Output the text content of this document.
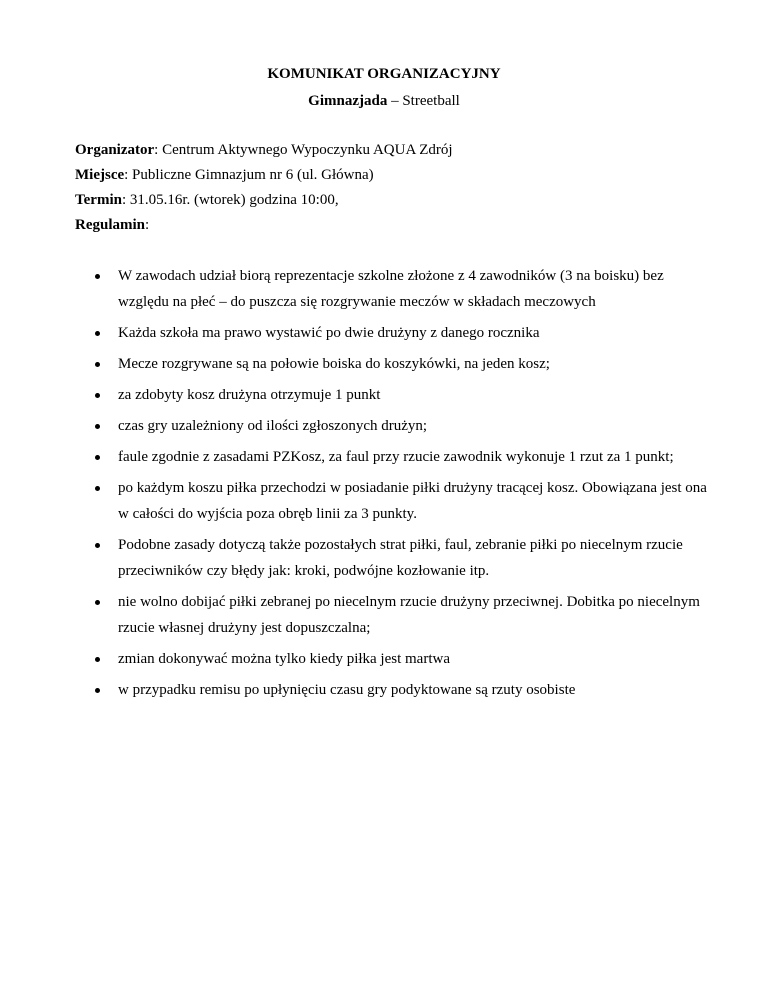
KOMUNIKAT ORGANIZACYJNY
Gimnazjada – Streetball
Organizator: Centrum Aktywnego Wypoczynku AQUA Zdrój
Miejsce: Publiczne Gimnazjum nr 6 (ul. Główna)
Termin: 31.05.16r. (wtorek) godzina 10:00,
Regulamin:
W zawodach udział biorą reprezentacje szkolne złożone z 4 zawodników (3 na boisku) bez względu na płeć – do puszcza się rozgrywanie meczów w składach meczowych
Każda szkoła ma prawo wystawić po dwie drużyny z danego rocznika
Mecze rozgrywane są na połowie boiska do koszykówki, na jeden kosz;
za zdobyty kosz drużyna otrzymuje 1 punkt
czas gry uzależniony od ilości zgłoszonych drużyn;
faule zgodnie z zasadami PZKosz, za faul przy rzucie zawodnik wykonuje 1 rzut za 1 punkt;
po każdym koszu piłka przechodzi w posiadanie piłki drużyny tracącej kosz. Obowiązana jest ona w całości do wyjścia poza obręb linii za 3 punkty.
Podobne zasady dotyczą także pozostałych strat piłki, faul, zebranie piłki po niecelnym rzucie przeciwników czy błędy jak: kroki, podwójne kozłowanie itp.
nie wolno dobijać piłki zebranej po niecelnym rzucie drużyny przeciwnej. Dobitka po niecelnym rzucie własnej drużyny jest dopuszczalna;
zmian dokonywać można tylko kiedy piłka jest martwa
w przypadku remisu po upłynięciu czasu gry podyktowane są rzuty osobiste
